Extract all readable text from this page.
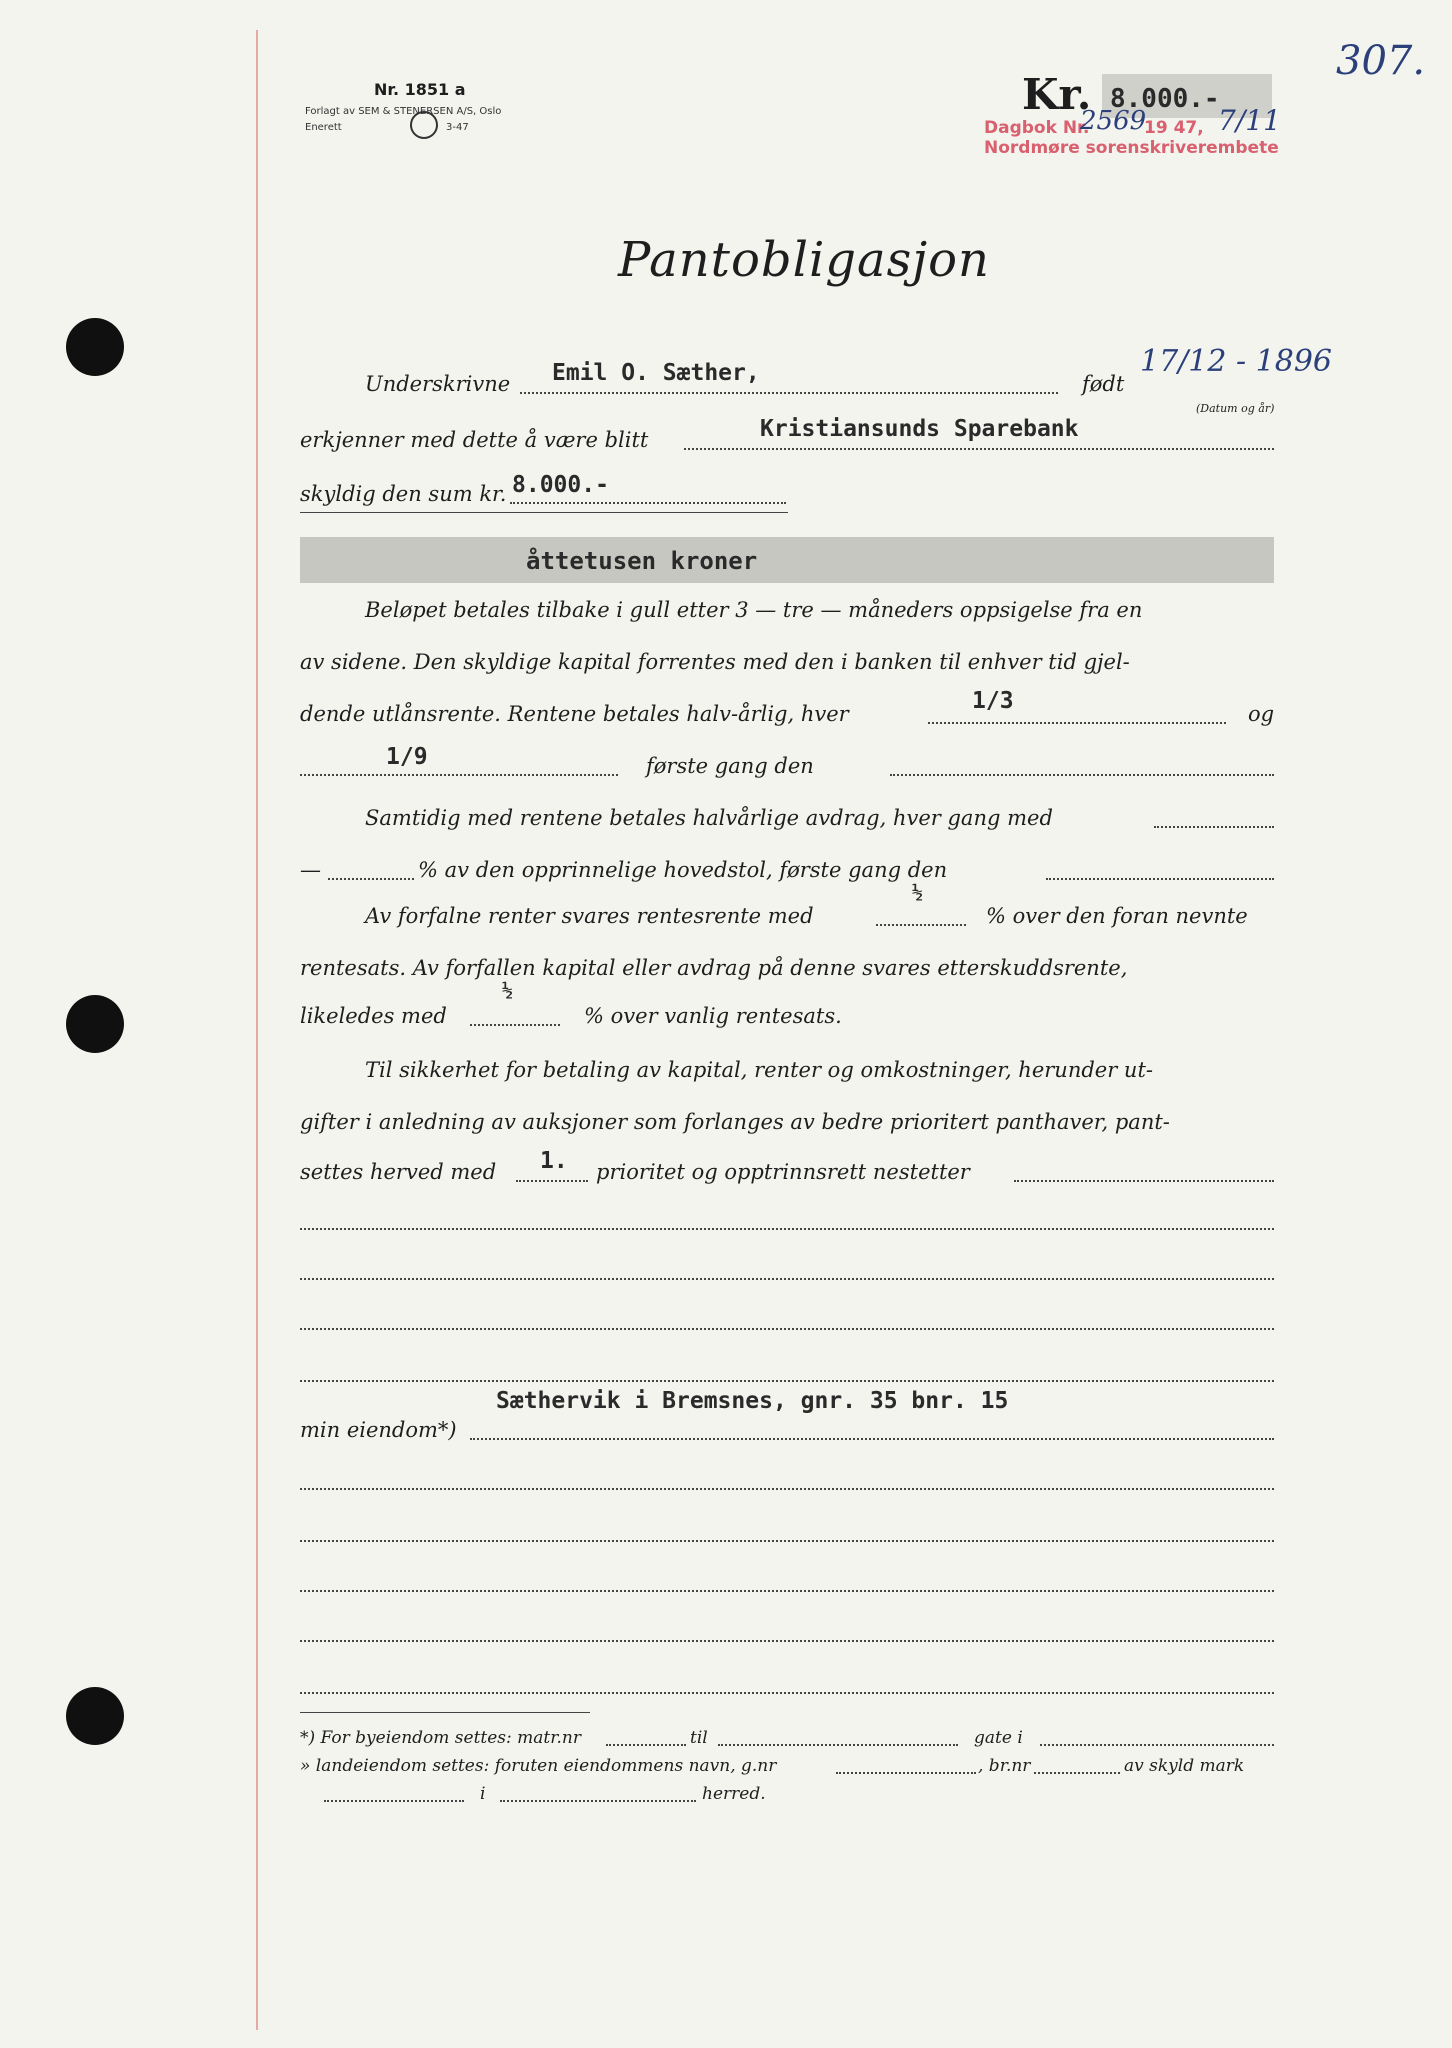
Nr. 1851 a
Forlagt av SEM & STENERSEN A/S, Oslo
Enerett	3-47
Kr. 8.000.-
307.
Dagbok Nr.
2569
19 47, 7/11
Nordmøre sorenskriverembete
Pantobligasjon
Underskrivne Emil O. Sæther,	født
17/12 - 1896
(Datum og år)
erkjenner med dette å være blitt	Kristiansunds Sparebank
skyldig den sum kr. 8.000.-
åttetusen kroner
Beløpet betales tilbake i gull etter 3 — tre — måneders oppsigelse fra en
av sidene. Den skyldige kapital forrentes med den i banken til enhver tid gjel-
dende utlånsrente. Rentene betales halv-årlig, hver	1/3	og
1/9	første gang den
Samtidig med rentene betales halvårlige avdrag, hver gang med
—	% av den opprinnelige hovedstol, første gang den
Av forfalne renter svares rentesrente med
½
% over den foran nevnte
rentesats. Av forfallen kapital eller avdrag på denne svares etterskuddsrente,
likeledes med
½
% over vanlig rentesats.
Til sikkerhet for betaling av kapital, renter og omkostninger, herunder ut-
gifter i anledning av auksjoner som forlanges av bedre prioritert panthaver, pant-
settes herved med 1. prioritet og opptrinnsrett nestetter
Sæthervik i Bremsnes, gnr. 35 bnr. 15
min eiendom*)
*) For byeiendom settes: matr.nr	til	gate i
» landeiendom settes: foruten eiendommens navn, g.nr	, br.nr	av skyld mark
i	herred.
